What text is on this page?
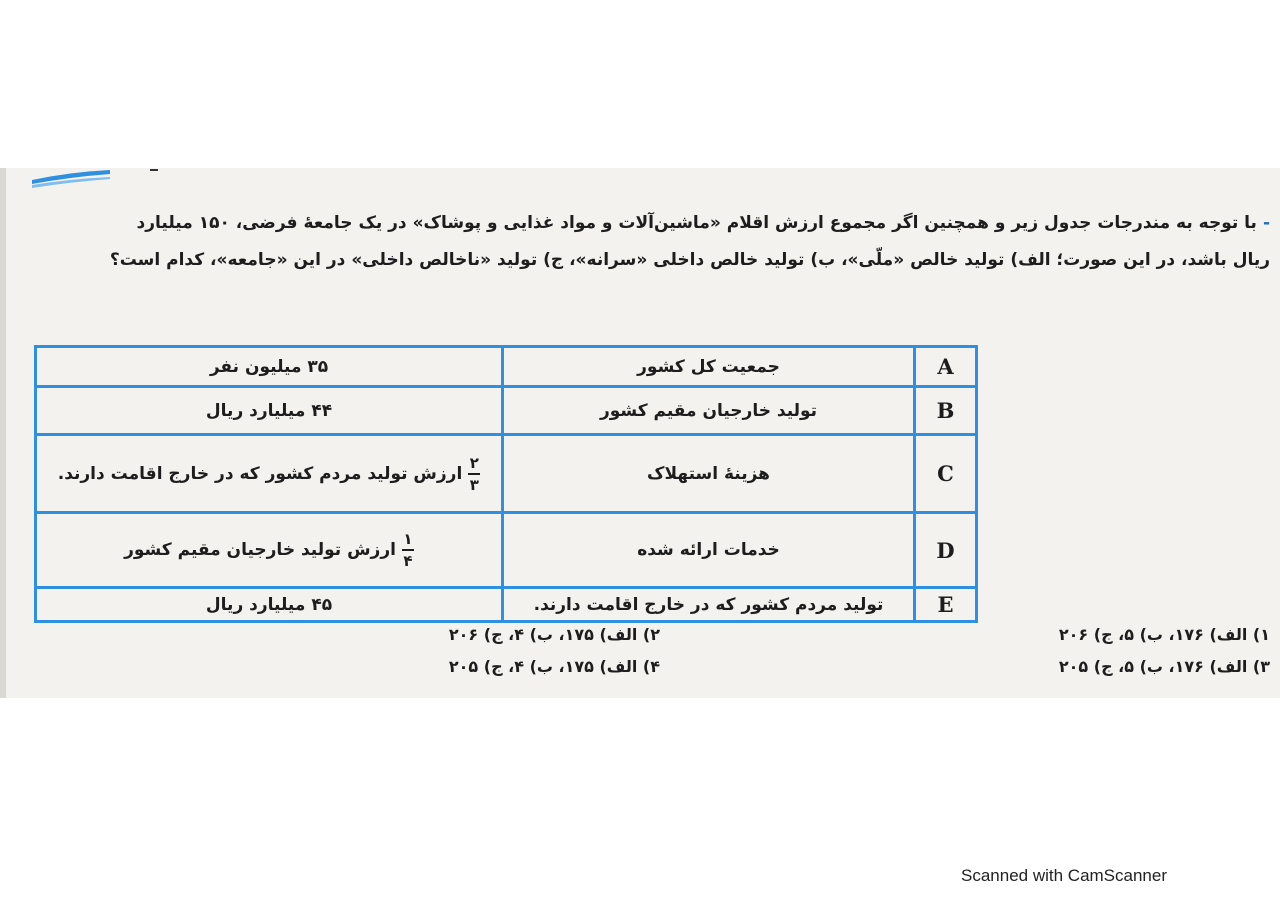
-با توجه به مندرجات جدول زیر و همچنین اگر مجموع ارزش اقلام «ماشین‌آلات و مواد غذایی و پوشاک» در یک جامعهٔ فرضی، ۱۵۰ میلیارد
ریال باشد، در این صورت؛ الف) تولید خالص «ملّی»، ب) تولید خالص داخلی «سرانه»، ج) تولید «ناخالص داخلی» در این «جامعه»، کدام است؟
A
جمعیت کل کشور
۳۵ میلیون نفر
B
تولید خارجیان مقیم کشور
۴۴ میلیارد ریال
C
هزینهٔ استهلاک
$\frac{۲}{۳}$
ارزش تولید مردم کشور که در خارج اقامت دارند.
D
خدمات ارائه شده
$\frac{۱}{۴}$
ارزش تولید خارجیان مقیم کشور
E
تولید مردم کشور که در خارج اقامت دارند.
۴۵ میلیارد ریال
۱) الف) ۱۷۶، ب) ۵، ج) ۲۰۶
۲) الف) ۱۷۵، ب) ۴، ج) ۲۰۶
۳) الف) ۱۷۶، ب) ۵، ج) ۲۰۵
۴) الف) ۱۷۵، ب) ۴، ج) ۲۰۵
Scanned with CamScanner
